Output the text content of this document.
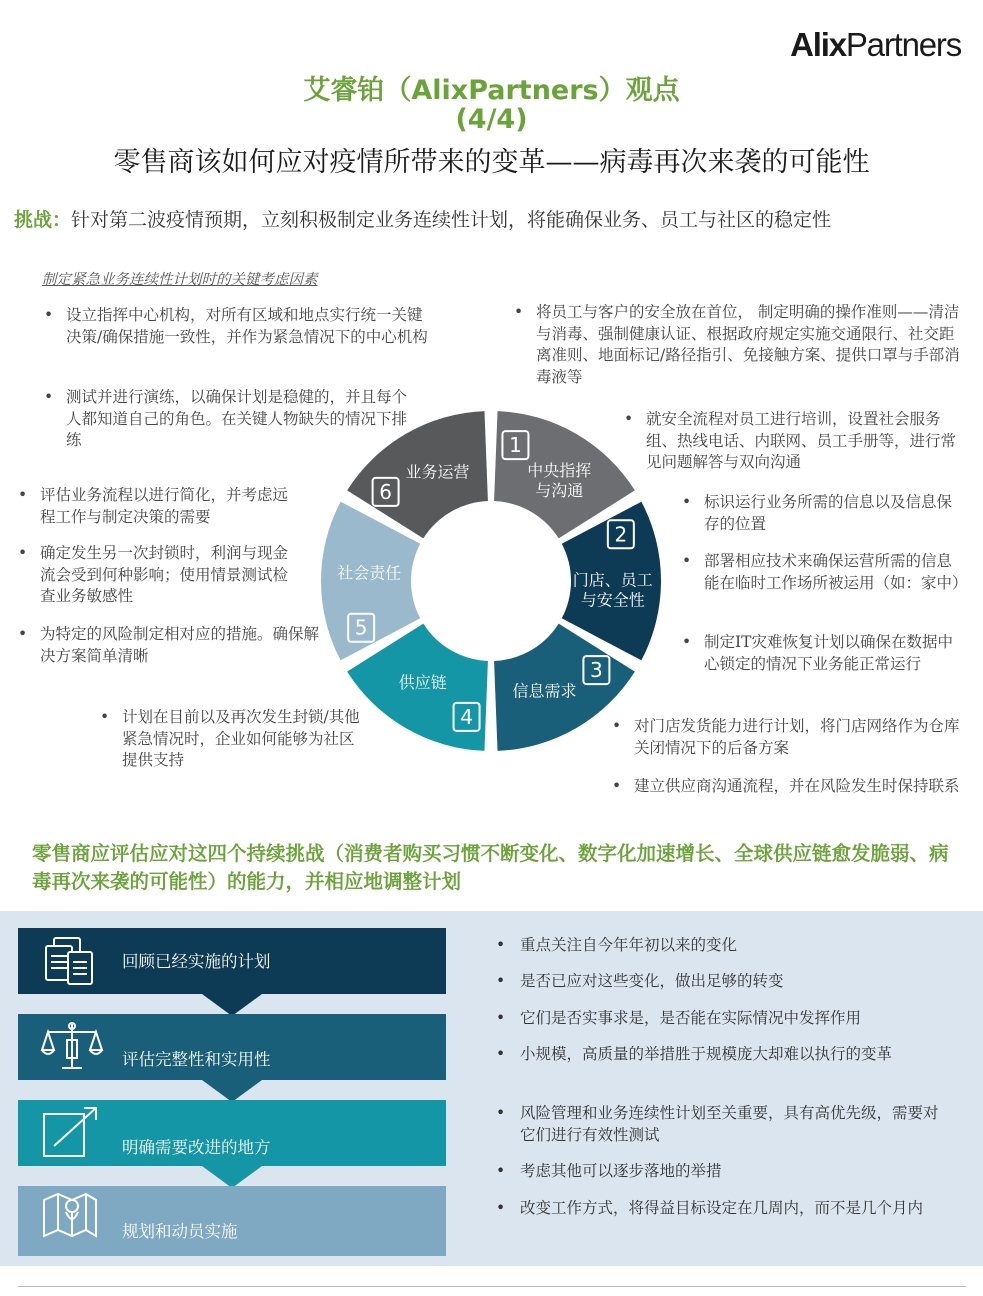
AlixPartners
艾睿铂（AlixPartners）观点
(4/4)
零售商该如何应对疫情所带来的变革——病毒再次来袭的可能性
挑战：针对第二波疫情预期，立刻积极制定业务连续性计划，将能确保业务、员工与社区的稳定性
制定紧急业务连续性计划时的关键考虑因素
• 设立指挥中心机构，对所有区域和地点实行统一关键决策/确保措施一致性，并作为紧急情况下的中心机构
• 测试并进行演练，以确保计划是稳健的，并且每个人都知道自己的角色。在关键人物缺失的情况下排练
• 评估业务流程以进行简化，并考虑远程工作与制定决策的需要
• 确定发生另一次封锁时，利润与现金流会受到何种影响；使用情景测试检查业务敏感性
• 为特定的风险制定相对应的措施。确保解决方案简单清晰
• 计划在目前以及再次发生封锁/其他紧急情况时，企业如何能够为社区提供支持
• 将员工与客户的安全放在首位， 制定明确的操作准则——清洁与消毒、强制健康认证、根据政府规定实施交通限行、社交距离准则、地面标记/路径指引、免接触方案、提供口罩与手部消毒液等
• 就安全流程对员工进行培训，设置社会服务组、热线电话、内联网、员工手册等，进行常见问题解答与双向沟通
• 标识运行业务所需的信息以及信息保存的位置
• 部署相应技术来确保运营所需的信息能在临时工作场所被运用（如：家中）
• 制定IT灾难恢复计划以确保在数据中心锁定的情况下业务能正常运行
• 对门店发货能力进行计划，将门店网络作为仓库关闭情况下的后备方案
• 建立供应商沟通流程，并在风险发生时保持联系
1
中央指挥与沟通
2
门店、员工与安全性
3
信息需求
4
供应链
5
社会责任
6
业务运营
零售商应评估应对这四个持续挑战（消费者购买习惯不断变化、数字化加速增长、全球供应链愈发脆弱、病毒再次来袭的可能性）的能力，并相应地调整计划
回顾已经实施的计划
评估完整性和实用性
明确需要改进的地方
规划和动员实施
• 重点关注自今年年初以来的变化
• 是否已应对这些变化，做出足够的转变
• 它们是否实事求是，是否能在实际情况中发挥作用
• 小规模，高质量的举措胜于规模庞大却难以执行的变革
• 风险管理和业务连续性计划至关重要，具有高优先级，需要对它们进行有效性测试
• 考虑其他可以逐步落地的举措
• 改变工作方式，将得益目标设定在几周内，而不是几个月内
